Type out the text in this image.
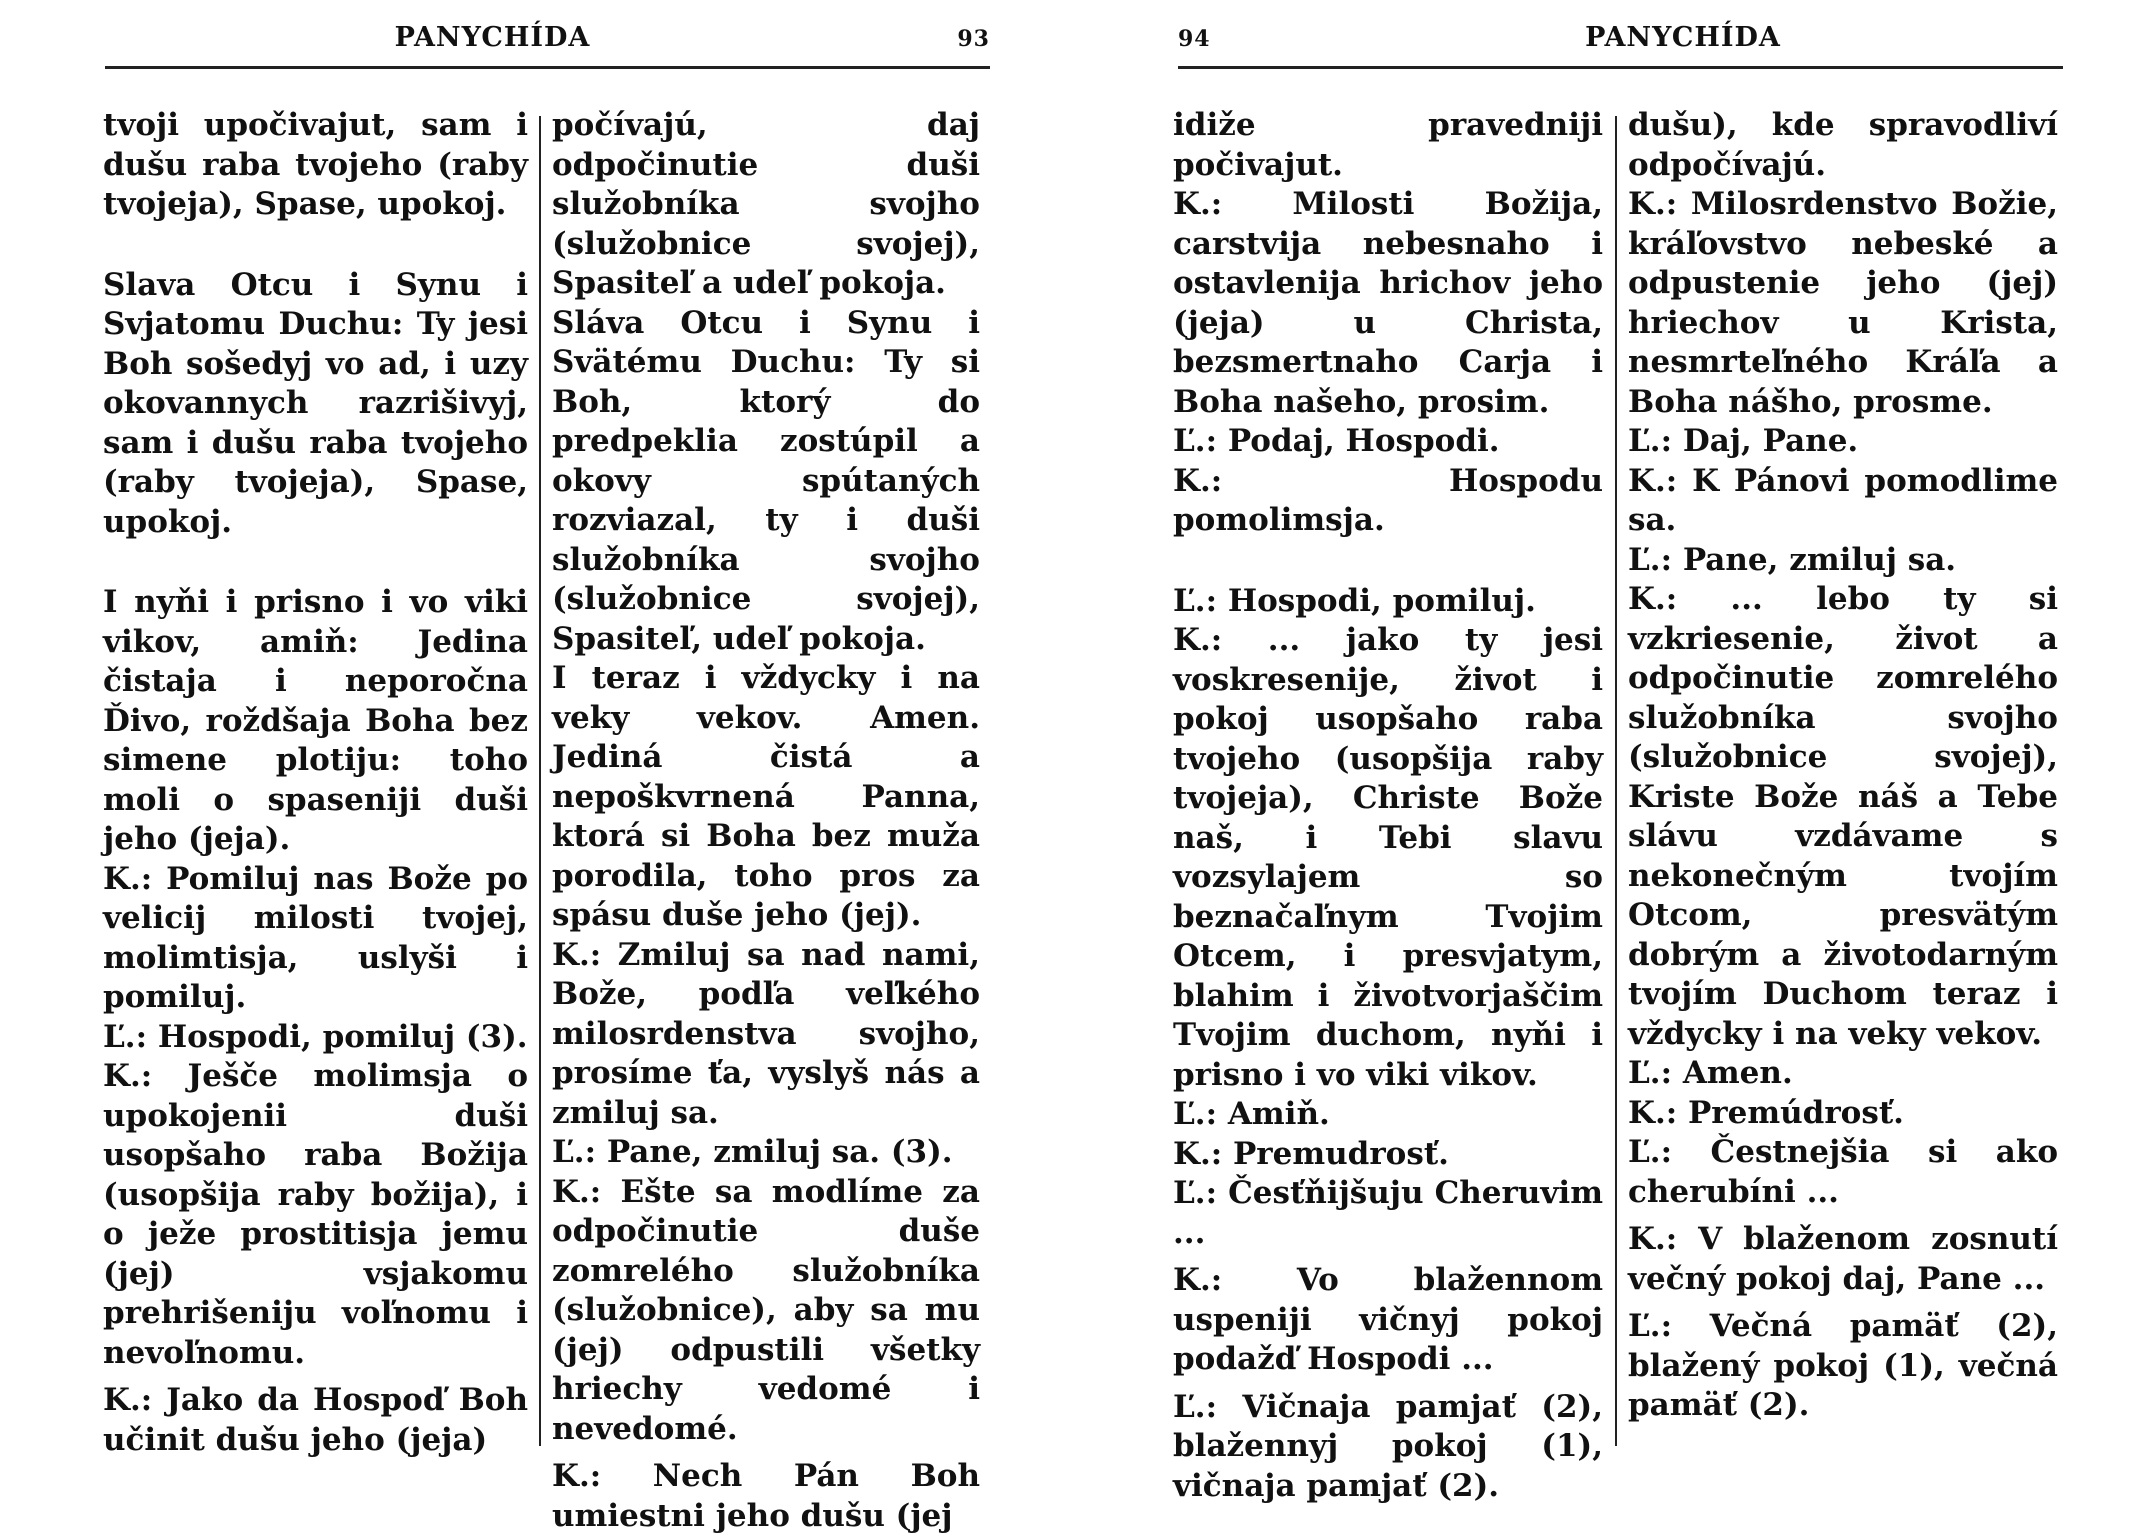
PANYCHÍDA	93

tvoji upočivajut, sam i dušu raba tvojeho (raby tvojeja), Spase, upokoj.

Slava Otcu i Synu i Svjatomu Duchu: Ty jesi Boh sošedyj vo ad, i uzy okovannych razrišivyj, sam i dušu raba tvojeho (raby tvojeja), Spase, upokoj.

I nyňi i prisno i vo viki vikov, amiň: Jedina čistaja i neporočna Ďivo, roždšaja Boha bez simene plotiju: toho moli o spaseniji duši jeho (jeja).

K.: Pomiluj nas Bože po velicij milosti tvojej, molimtisja, uslyši i pomiluj.

Ľ.: Hospodi, pomiluj (3).

K.: Ješče molimsja o upokojenii duši usopšaho raba Božija (usopšija raby božija), i o ježe prostitisja jemu (jej) vsjakomu prehrišeniju voľnomu i nevoľnomu.

K.: Jako da Hospoď Boh učinit dušu jeho (jeja)

počívajú, daj odpočinutie duši služobníka svojho (služobnice svojej), Spasiteľ a udeľ pokoja.

Sláva Otcu i Synu i Svätému Duchu: Ty si Boh, ktorý do predpeklia zostúpil a okovy spútaných rozviazal, ty i duši služobníka svojho (služobnice svojej), Spasiteľ, udeľ pokoja.

I teraz i vždycky i na veky vekov. Amen. Jediná čistá a nepoškvrnená Panna, ktorá si Boha bez muža porodila, toho pros za spásu duše jeho (jej).

K.: Zmiluj sa nad nami, Bože, podľa veľkého milosrdenstva svojho, prosíme ťa, vyslyš nás a zmiluj sa.

Ľ.: Pane, zmiluj sa. (3).

K.: Ešte sa modlíme za odpočinutie duše zomrelého služobníka (služobnice), aby sa mu (jej) odpustili všetky hriechy vedomé i nevedomé.

K.: Nech Pán Boh umiestni jeho dušu (jej

94	PANYCHÍDA

idiže pravedniji počivajut.

K.: Milosti Božija, carstvija nebesnaho i ostavlenija hrichov jeho (jeja) u Christa, bezsmertnaho Carja i Boha našeho, prosim.

Ľ.: Podaj, Hospodi.

K.: Hospodu pomolimsja.

Ľ.: Hospodi, pomiluj.

K.: ... jako ty jesi voskresenije, život i pokoj usopšaho raba tvojeho (usopšija raby tvojeja), Christe Bože naš, i Tebi slavu vozsylajem so beznačaľnym Tvojim Otcem, i presvjatym, blahim i životvorjaščim Tvojim duchom, nyňi i prisno i vo viki vikov.

Ľ.: Amiň.

K.: Premudrosť.

Ľ.: Česťňijšuju Cheruvim ...

K.: Vo blažennom uspeniji vičnyj pokoj podažď Hospodi ...

Ľ.: Vičnaja pamjať (2), blažennyj pokoj (1), vičnaja pamjať (2).

dušu), kde spravodliví odpočívajú.

K.: Milosrdenstvo Božie, kráľovstvo nebeské a odpustenie jeho (jej) hriechov u Krista, nesmrteľného Kráľa a Boha nášho, prosme.

Ľ.: Daj, Pane.

K.: K Pánovi pomodlime sa.

Ľ.: Pane, zmiluj sa.

K.: ... lebo ty si vzkriesenie, život a odpočinutie zomrelého služobníka svojho (služobnice svojej), Kriste Bože náš a Tebe slávu vzdávame s nekonečným tvojím Otcom, presvätým dobrým a životodarným tvojím Duchom teraz i vždycky i na veky vekov.

Ľ.: Amen.

K.: Premúdrosť.

Ľ.: Čestnejšia si ako cherubíni ...

K.: V blaženom zosnutí večný pokoj daj, Pane ...

Ľ.: Večná pamäť (2), blažený pokoj (1), večná pamäť (2).
